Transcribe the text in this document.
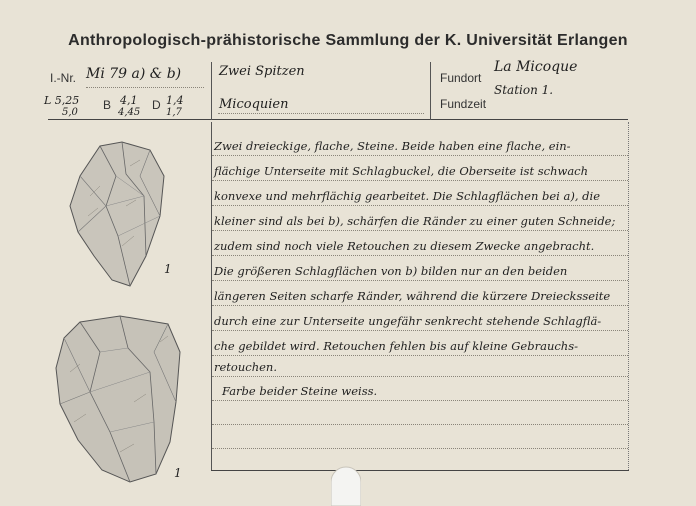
Anthropologisch-prähistorische Sammlung der K. Universität Erlangen
I.-Nr. Mi 79 a) & b)
L 5,25
5,0
B 4,1
4,45
D 1,4
1,7
Zwei Spitzen
Micoquien
Fundort
Fundzeit
La Micoque
Station 1.
Zwei dreieckige, flache, Steine. Beide haben eine flache, ein-
flächige Unterseite mit Schlagbuckel, die Oberseite ist schwach
konvexe und mehrflächig gearbeitet. Die Schlagflächen bei a), die
kleiner sind als bei b), schärfen die Ränder zu einer guten Schneide;
zudem sind noch viele Retouchen zu diesem Zwecke angebracht.
Die größeren Schlagflächen von b) bilden nur an den beiden
längeren Seiten scharfe Ränder, während die kürzere Dreiecksseite
durch eine zur Unterseite ungefähr senkrecht stehende Schlagflä-
che gebildet wird. Retouchen fehlen bis auf kleine Gebrauchs-
retouchen.
Farbe beider Steine weiss.
1
1
